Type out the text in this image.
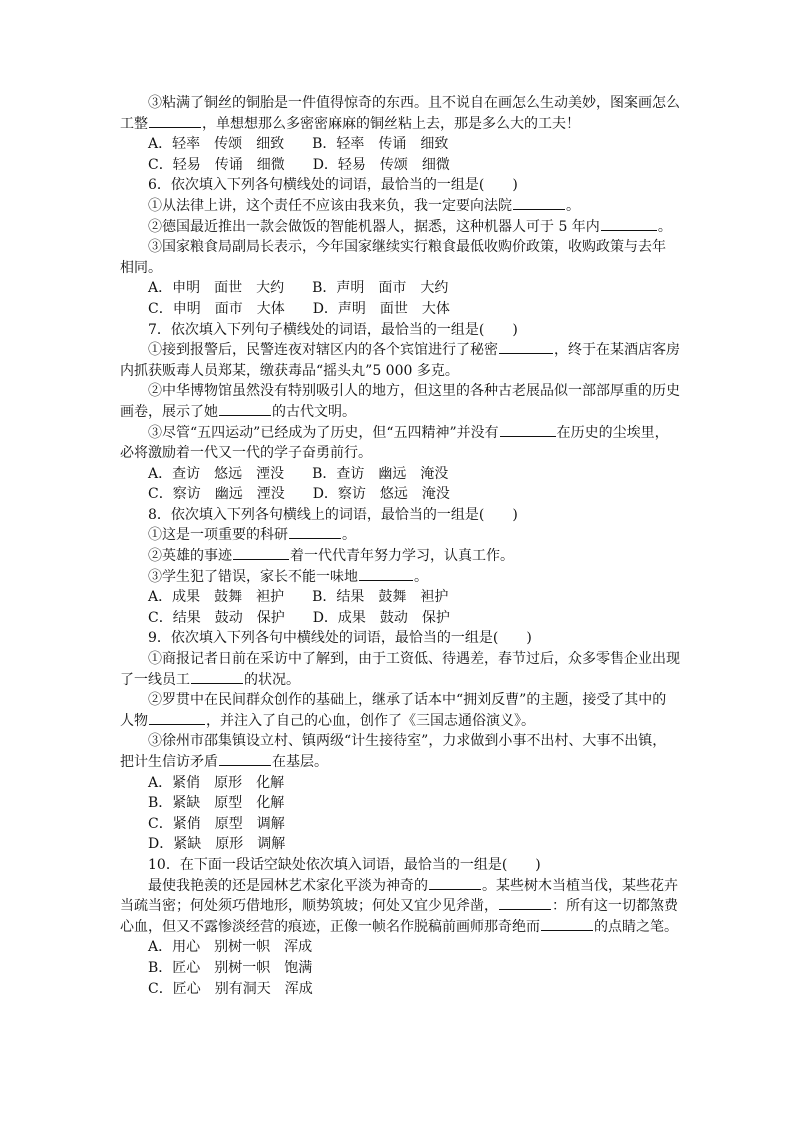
③粘满了铜丝的铜胎是一件值得惊奇的东西。且不说自在画怎么生动美妙，图案画怎么
工整	，单想想那么多密密麻麻的铜丝粘上去，那是多么大的工夫！
A．轻率　传颂　细致　　B．轻率　传诵　细致
C．轻易　传诵　细微　　D．轻易　传颂　细微
6．依次填入下列各句横线处的词语，最恰当的一组是(　　)
①从法律上讲，这个责任不应该由我来负，我一定要向法院	。
②德国最近推出一款会做饭的智能机器人，据悉，这种机器人可于 5 年内	。
③国家粮食局副局长表示，今年国家继续实行粮食最低收购价政策，收购政策与去年
相同。
A．申明　面世　大约　　B．声明　面市　大约
C．申明　面市　大体　　D．声明　面世　大体
7．依次填入下列句子横线处的词语，最恰当的一组是(　　)
①接到报警后，民警连夜对辖区内的各个宾馆进行了秘密	，终于在某酒店客房
内抓获贩毒人员郑某，缴获毒品“摇头丸”5 000 多克。
②中华博物馆虽然没有特别吸引人的地方，但这里的各种古老展品似一部部厚重的历史
画卷，展示了她	的古代文明。
③尽管“五四运动”已经成为了历史，但“五四精神”并没有	在历史的尘埃里，
必将激励着一代又一代的学子奋勇前行。
A．查访　悠远　湮没　　B．查访　幽远　淹没
C．察访　幽远　湮没　　D．察访　悠远　淹没
8．依次填入下列各句横线上的词语，最恰当的一组是(　　)
①这是一项重要的科研	。
②英雄的事迹	着一代代青年努力学习，认真工作。
③学生犯了错误，家长不能一味地	。
A．成果　鼓舞　袒护　　B．结果　鼓舞　袒护
C．结果　鼓动　保护　　D．成果　鼓动　保护
9．依次填入下列各句中横线处的词语，最恰当的一组是(　　)
①商报记者日前在采访中了解到，由于工资低、待遇差，春节过后，众多零售企业出现
了一线员工	的状况。
②罗贯中在民间群众创作的基础上，继承了话本中“拥刘反曹”的主题，接受了其中的
人物	，并注入了自己的心血，创作了《三国志通俗演义》。
③徐州市邵集镇设立村、镇两级“计生接待室”，力求做到小事不出村、大事不出镇，
把计生信访矛盾	在基层。
A．紧俏　原形　化解
B．紧缺　原型　化解
C．紧俏　原型　调解
D．紧缺　原形　调解
10．在下面一段话空缺处依次填入词语，最恰当的一组是(　　)
最使我艳羡的还是园林艺术家化平淡为神奇的	。某些树木当植当伐，某些花卉
当疏当密；何处须巧借地形，顺势筑坡；何处又宜少见斧凿，	：所有这一切都煞费
心血，但又不露惨淡经营的痕迹，正像一帧名作脱稿前画师那奇绝而	的点睛之笔。
A．用心　别树一帜　浑成
B．匠心　别树一帜　饱满
C．匠心　别有洞天　浑成
